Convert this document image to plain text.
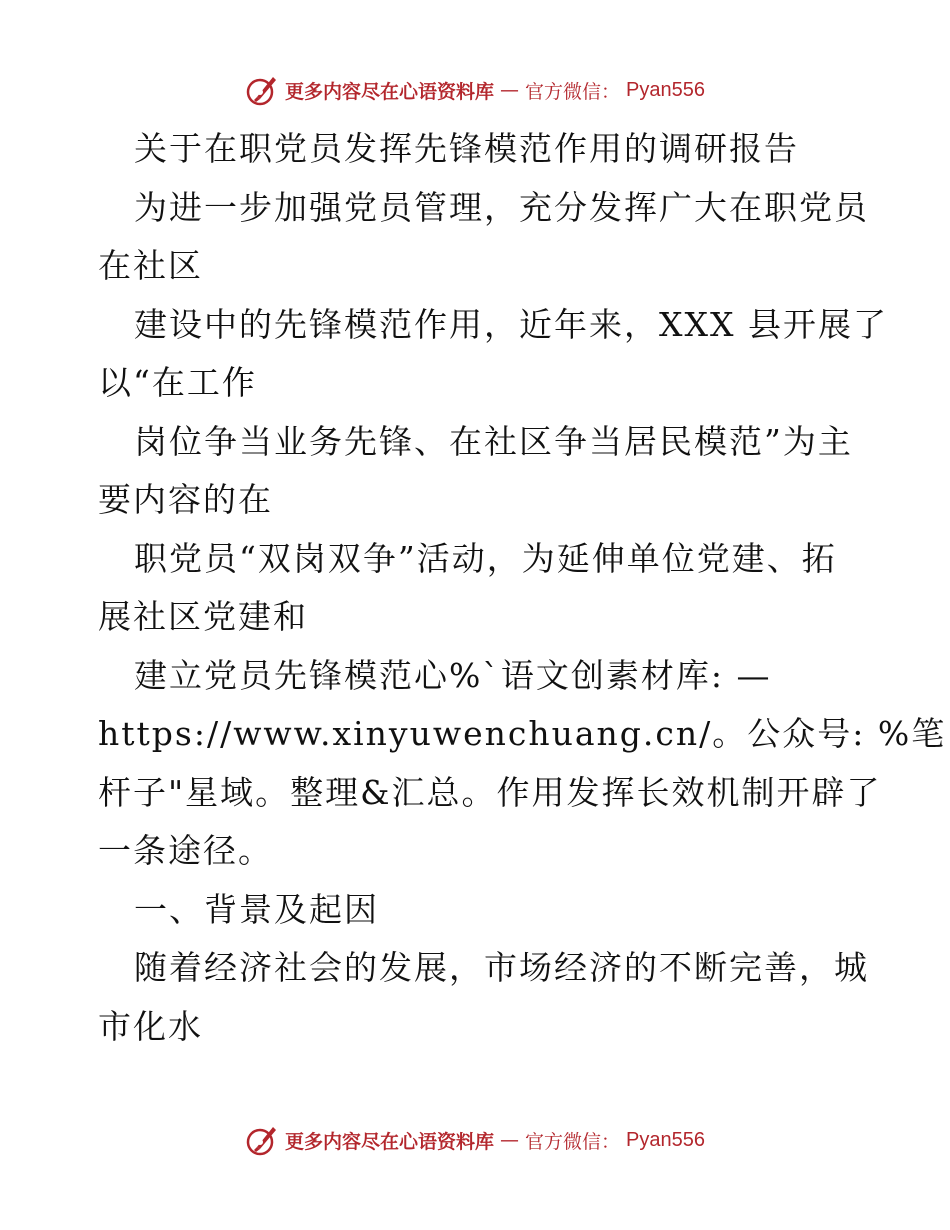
更多内容尽在心语资料库 — 官方微信： Pyan556
关于在职党员发挥先锋模范作用的调研报告
为进一步加强党员管理，充分发挥广大在职党员
在社区
建设中的先锋模范作用，近年来，XXX 县开展了
以“在工作
岗位争当业务先锋、在社区争当居民模范”为主
要内容的在
职党员“双岗双争”活动，为延伸单位党建、拓
展社区党建和
建立党员先锋模范心%`语文创素材库: —
https://www.xinyuwenchuang.cn/。公众号: %笔
杆子"星域。整理&汇总。作用发挥长效机制开辟了
一条途径。
一、背景及起因
随着经济社会的发展，市场经济的不断完善，城
市化水
更多内容尽在心语资料库 — 官方微信： Pyan556
